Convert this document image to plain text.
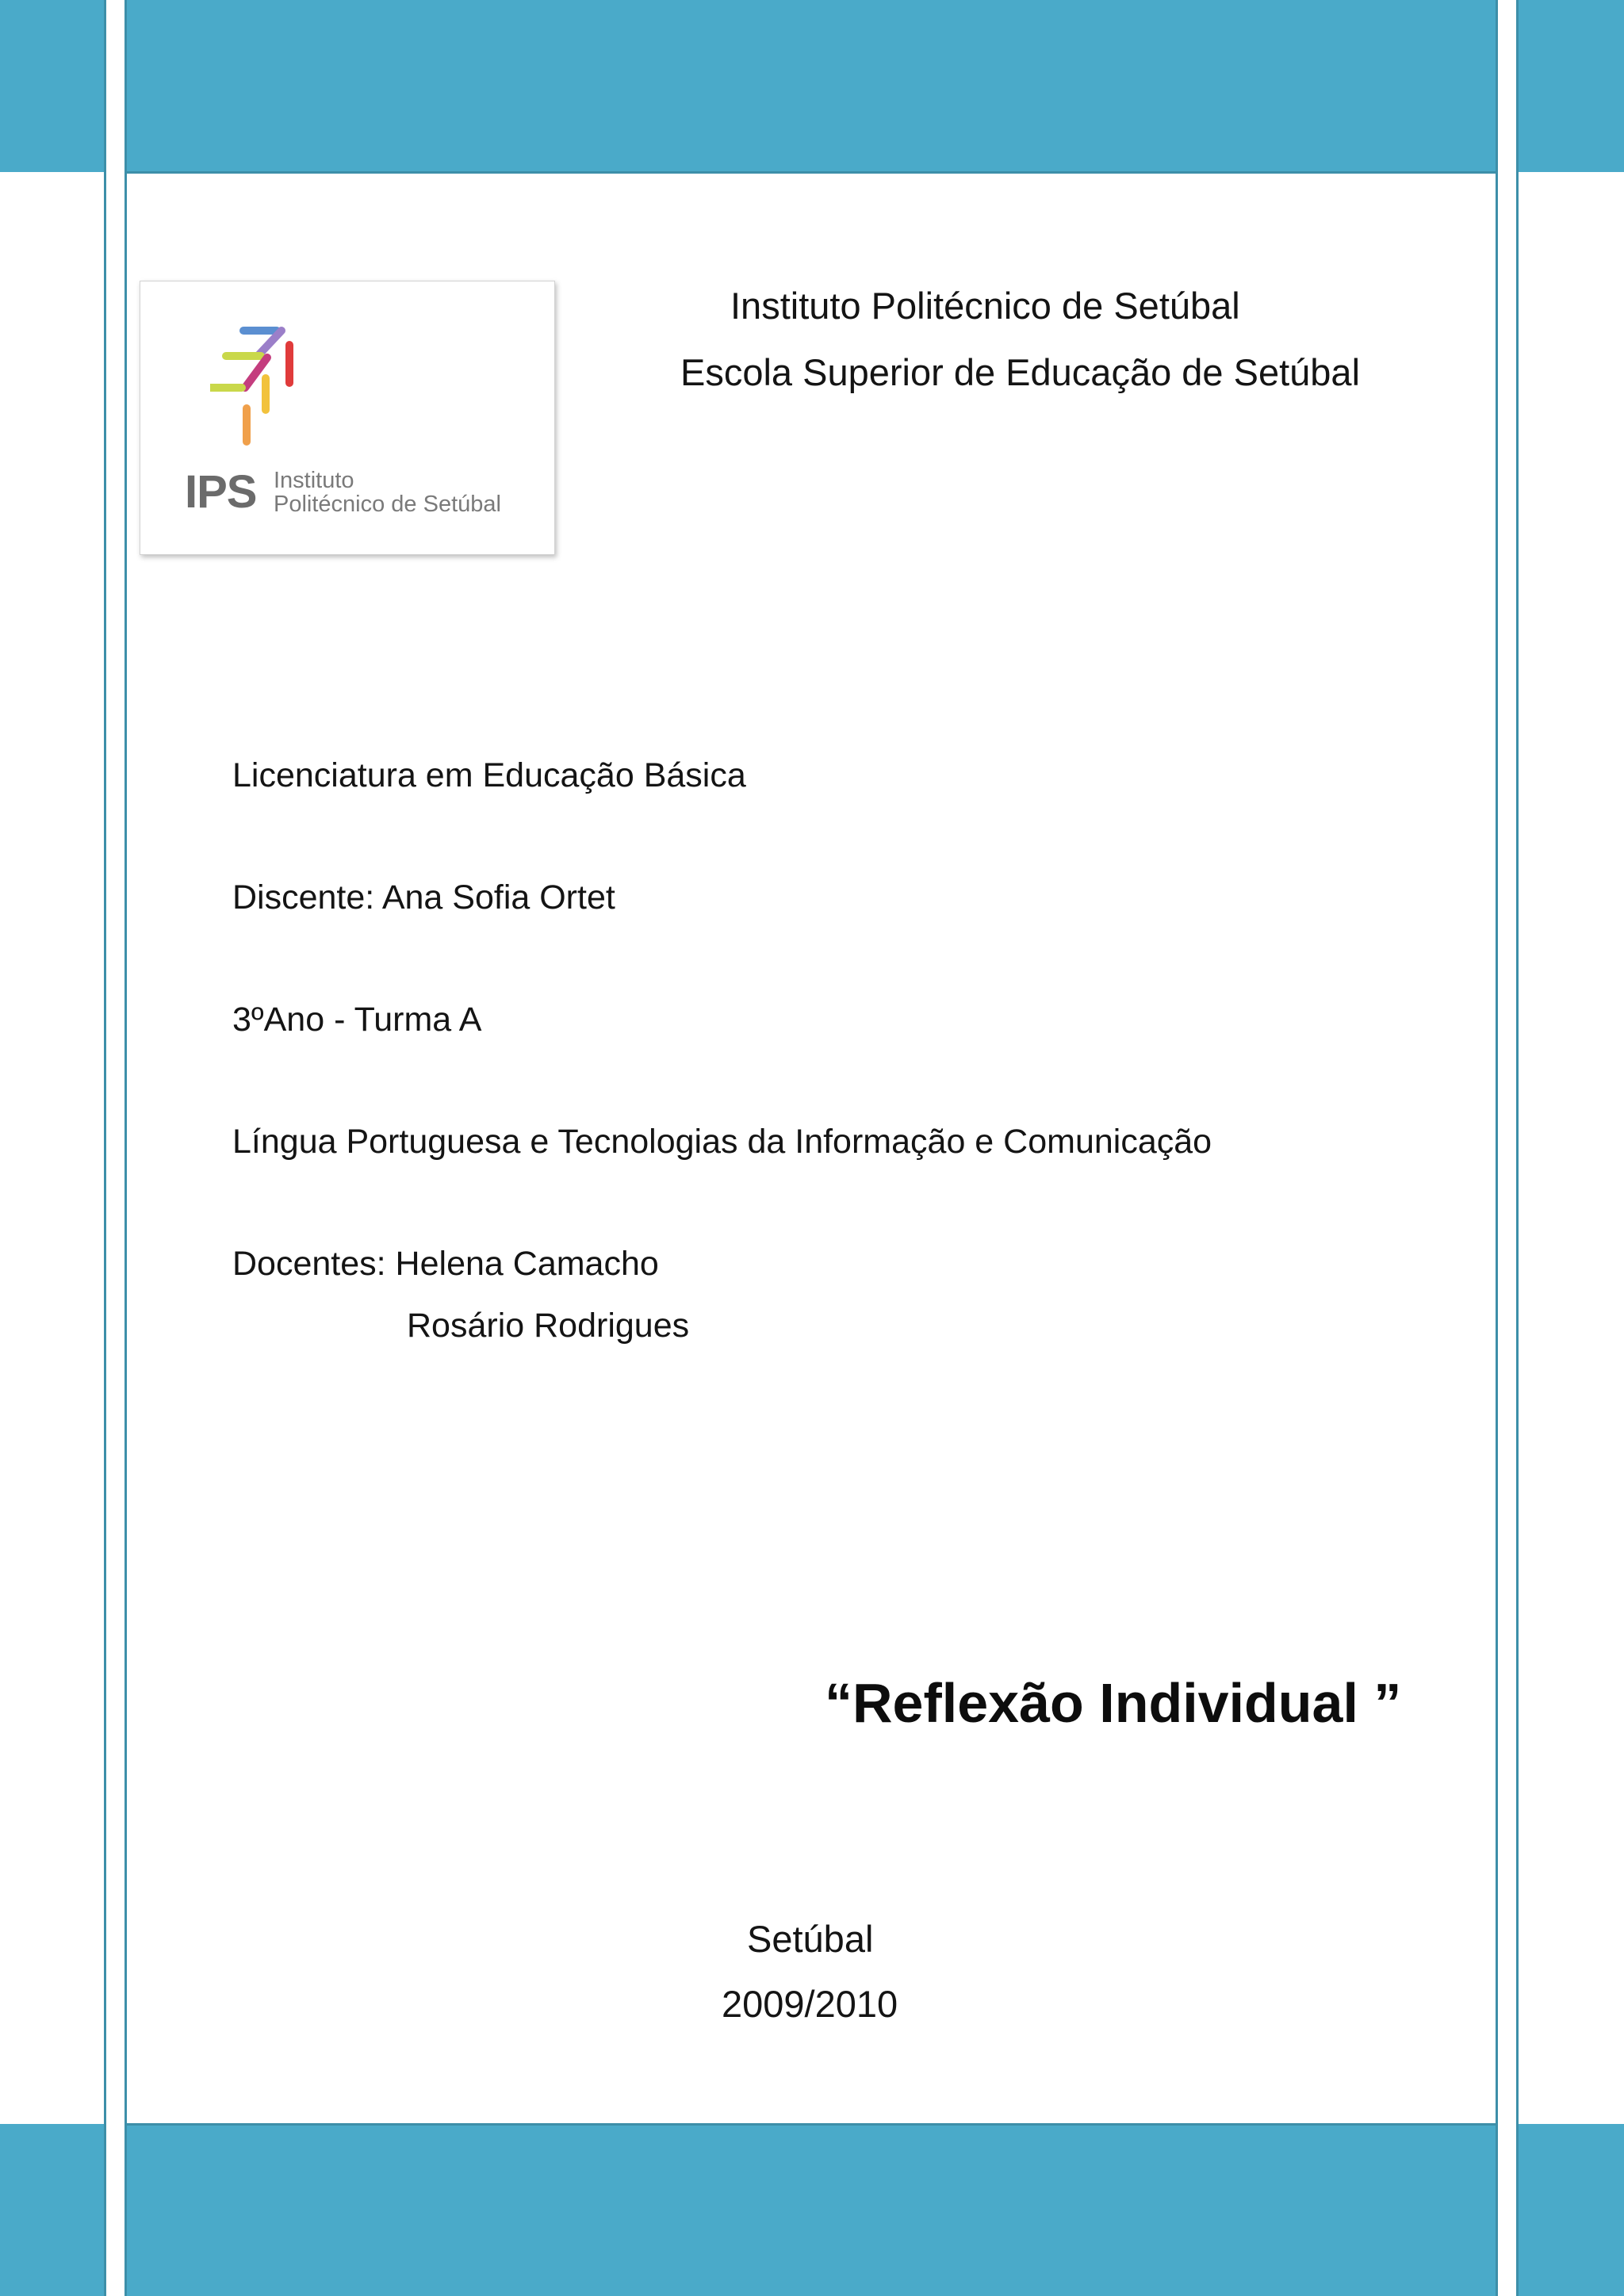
IPS Instituto
Politécnico de Setúbal
Instituto Politécnico de Setúbal
Escola Superior de Educação de Setúbal
Licenciatura em Educação Básica
Discente: Ana Sofia Ortet
3ºAno - Turma A
Língua Portuguesa e Tecnologias da Informação e Comunicação
Docentes: Helena Camacho
Rosário Rodrigues
“Reflexão Individual ”
Setúbal
2009/2010
